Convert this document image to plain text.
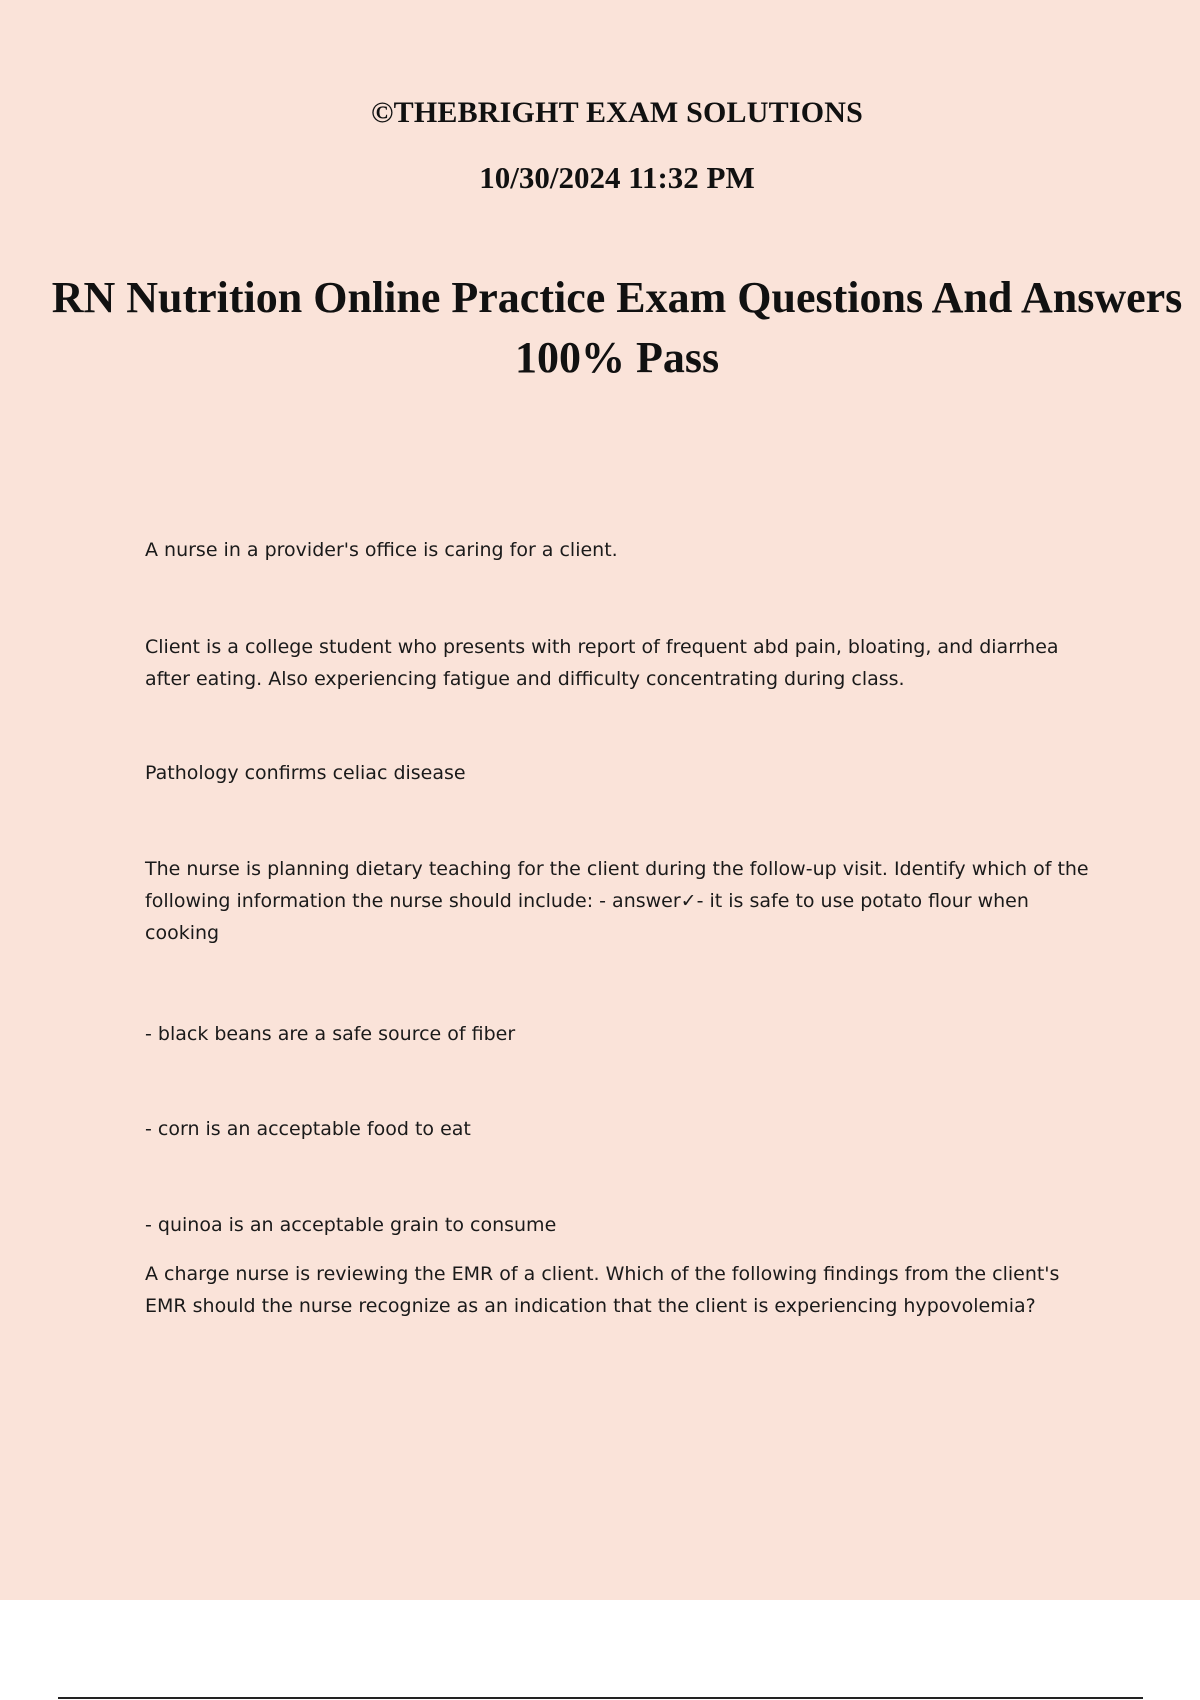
©THEBRIGHT EXAM SOLUTIONS

10/30/2024 11:32 PM

RN Nutrition Online Practice Exam Questions And Answers 100% Pass

A nurse in a provider's office is caring for a client.

Client is a college student who presents with report of frequent abd pain, bloating, and diarrhea after eating. Also experiencing fatigue and difficulty concentrating during class.

Pathology confirms celiac disease

The nurse is planning dietary teaching for the client during the follow-up visit. Identify which of the following information the nurse should include: - answer✓- it is safe to use potato flour when cooking

- black beans are a safe source of fiber

- corn is an acceptable food to eat

- quinoa is an acceptable grain to consume

A charge nurse is reviewing the EMR of a client. Which of the following findings from the client's EMR should the nurse recognize as an indication that the client is experiencing hypovolemia?
